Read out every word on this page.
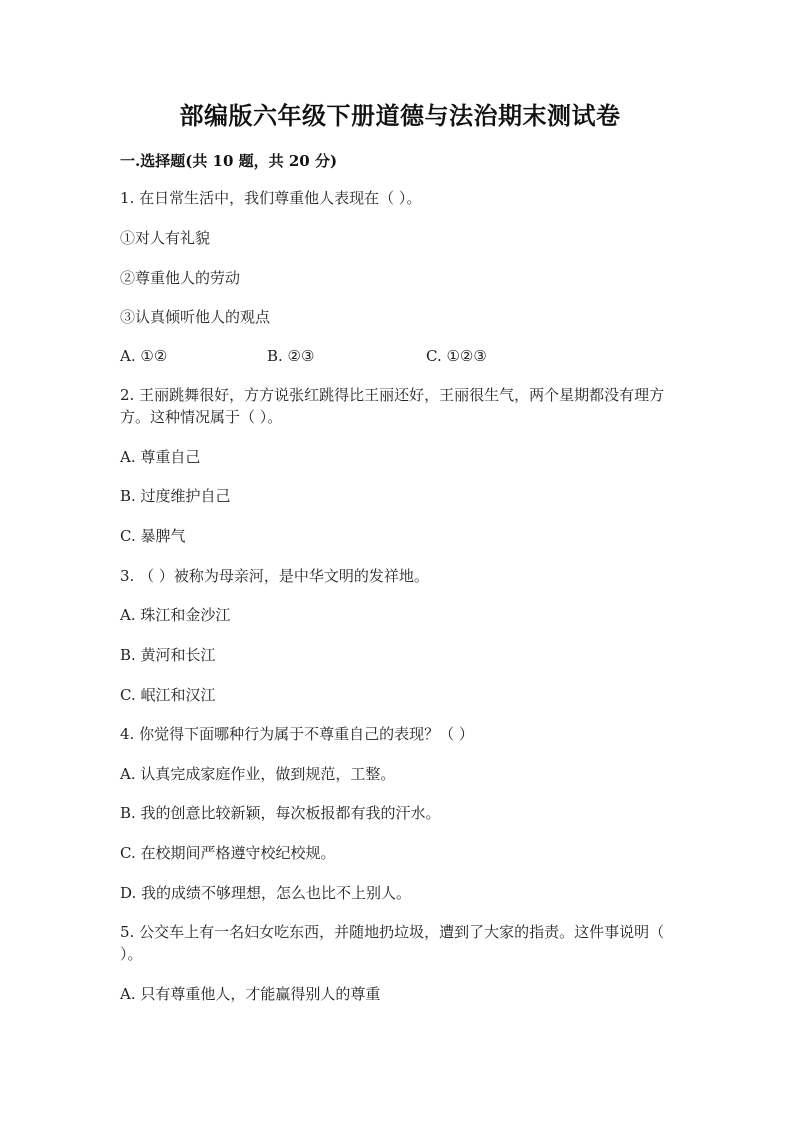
部编版六年级下册道德与法治期末测试卷
一.选择题(共 10 题，共 20 分)
1. 在日常生活中，我们尊重他人表现在（ ）。
①对人有礼貌
②尊重他人的劳动
③认真倾听他人的观点
A. ①②	B. ②③	C. ①②③
2. 王丽跳舞很好，方方说张红跳得比王丽还好，王丽很生气，两个星期都没有理方方。这种情况属于（ ）。
A. 尊重自己
B. 过度维护自己
C. 暴脾气
3. （ ）被称为母亲河，是中华文明的发祥地。
A. 珠江和金沙江
B. 黄河和长江
C. 岷江和汉江
4. 你觉得下面哪种行为属于不尊重自己的表现？（ ）
A. 认真完成家庭作业，做到规范，工整。
B. 我的创意比较新颖，每次板报都有我的汗水。
C. 在校期间严格遵守校纪校规。
D. 我的成绩不够理想，怎么也比不上别人。
5. 公交车上有一名妇女吃东西，并随地扔垃圾，遭到了大家的指责。这件事说明（ ）。
A. 只有尊重他人，才能赢得别人的尊重
